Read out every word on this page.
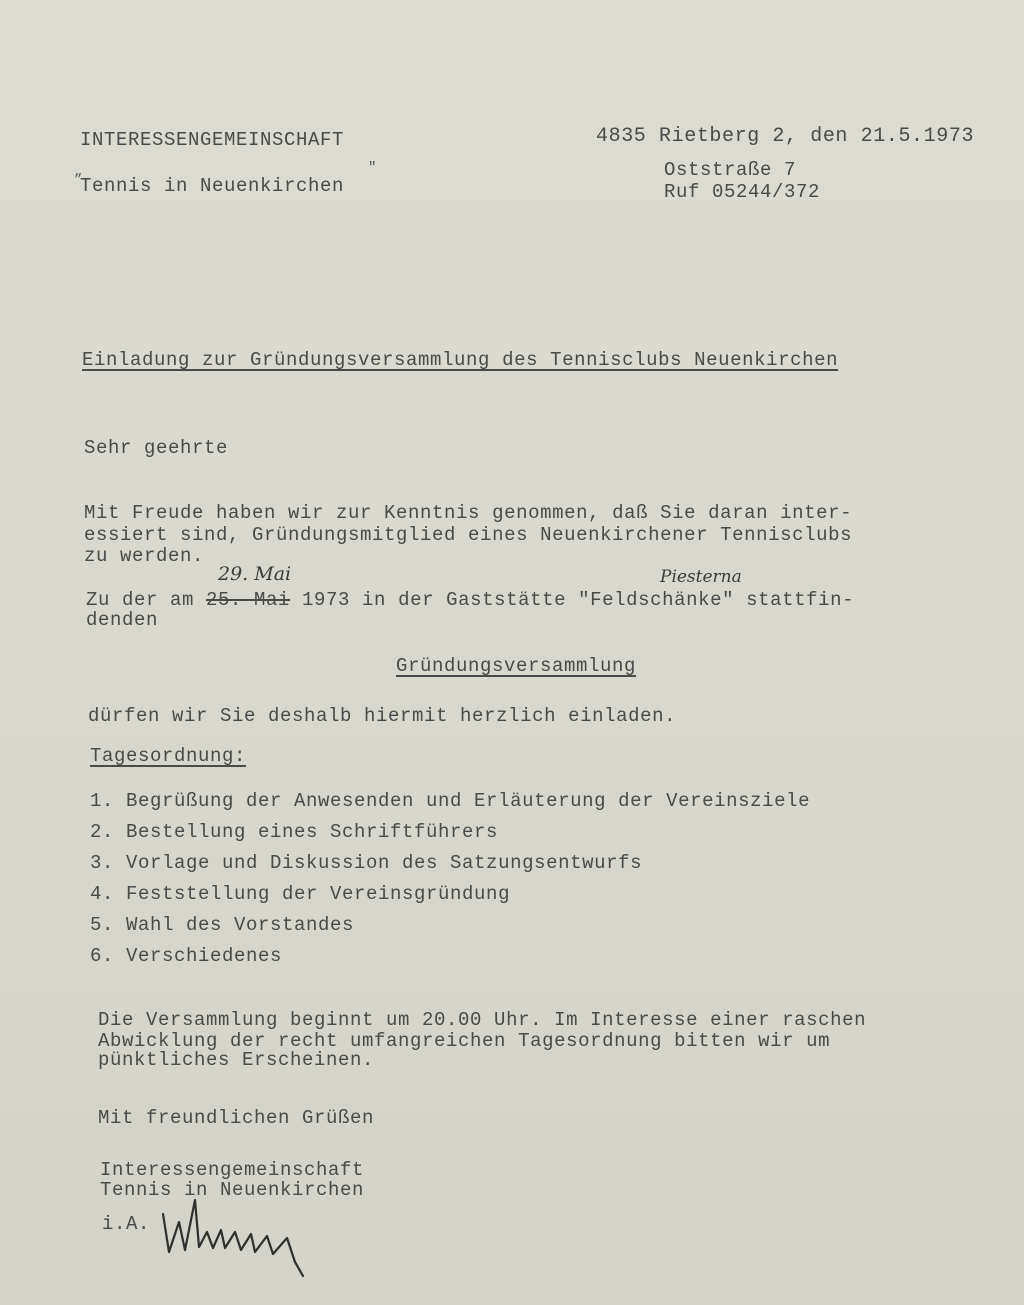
INTERESSENGEMEINSCHAFT
„
Tennis in Neuenkirchen
"
4835 Rietberg 2, den 21.5.1973
Oststraße 7
Ruf 05244/372
Einladung zur Gründungsversammlung des Tennisclubs Neuenkirchen
Sehr geehrte
Mit Freude haben wir zur Kenntnis genommen, daß Sie daran inter-
essiert sind, Gründungsmitglied eines Neuenkirchener Tennisclubs
zu werden.
29. Mai	Piesterna
Zu der am 25. Mai 1973 in der Gaststätte "Feldschänke" stattfin-
denden
Gründungsversammlung
dürfen wir Sie deshalb hiermit herzlich einladen.
Tagesordnung:
1. Begrüßung der Anwesenden und Erläuterung der Vereinsziele
2. Bestellung eines Schriftführers
3. Vorlage und Diskussion des Satzungsentwurfs
4. Feststellung der Vereinsgründung
5. Wahl des Vorstandes
6. Verschiedenes
Die Versammlung beginnt um 20.00 Uhr. Im Interesse einer raschen
Abwicklung der recht umfangreichen Tagesordnung bitten wir um
pünktliches Erscheinen.
Mit freundlichen Grüßen
Interessengemeinschaft
Tennis in Neuenkirchen
i.A.
